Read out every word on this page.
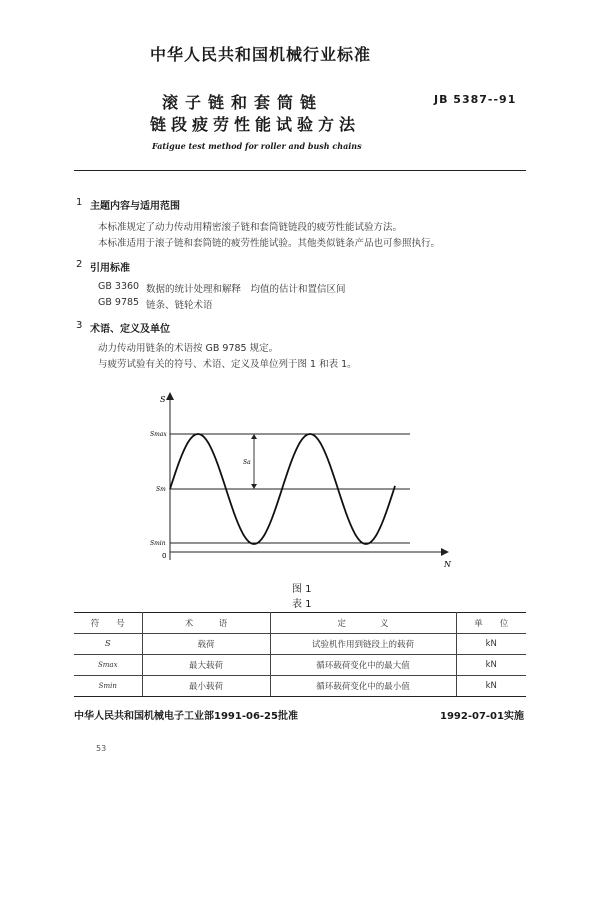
中华人民共和国机械行业标准
滚子链和套筒链
链段疲劳性能试验方法
JB 5387--91
Fatigue test method for roller and bush chains
1 主题内容与适用范围
本标准规定了动力传动用精密滚子链和套筒链链段的疲劳性能试验方法。
本标准适用于滚子链和套筒链的疲劳性能试验。其他类似链条产品也可参照执行。
2 引用标准
GB 3360 数据的统计处理和解释　均值的估计和置信区间
GB 9785 链条、链轮术语
3 术语、定义及单位
动力传动用链条的术语按 GB 9785 规定。
与疲劳试验有关的符号、术语、定义及单位列于图 1 和表 1。
S
N
0
Smax
Sm
Smin
Sa
图 1
表 1
符　　号	术　　　语	定　　　　义	单　　位
S	载荷	试验机作用到链段上的载荷	kN
Smax	最大载荷	循环载荷变化中的最大值	kN
Smin	最小载荷	循环载荷变化中的最小值	kN
中华人民共和国机械电子工业部1991-06-25批准	1992-07-01实施
53
